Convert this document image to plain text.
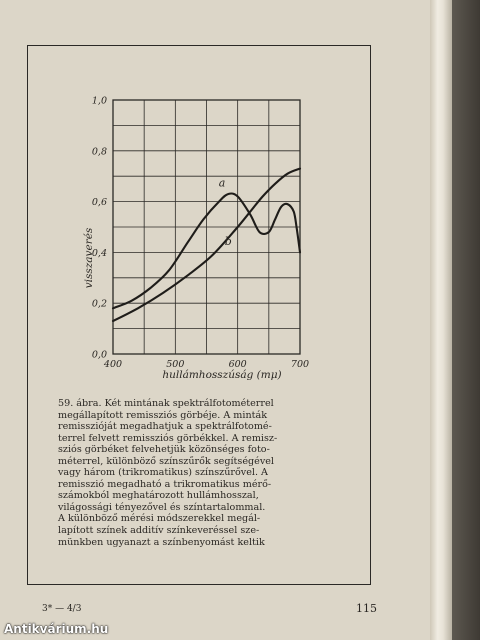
400	500	600	700
0,0
0,2
0,4
0,6
0,8
1,0
a
b
visszaverés
hullámhosszúság (mμ)
59. ábra. Két mintának spektrálfotométerrel
megállapított remissziós görbéje. A minták
remisszióját megadhatjuk a spektrálfotomé-
terrel felvett remissziós görbékkel. A remisz-
sziós görbéket felvehetjük közönséges foto-
méterrel, különböző színszűrők segítségével
vagy három (trikromatikus) színszűrővel. A
remisszió megadható a trikromatikus mérő-
számokból meghatározott hullámhosszal,
világossági tényezővel és színtartalommal.
A különböző mérési módszerekkel megál-
lapított színek additív színkeveréssel sze-
münkben ugyanazt a színbenyomást keltik
3* — 4/3	115
Antikvárium.hu
